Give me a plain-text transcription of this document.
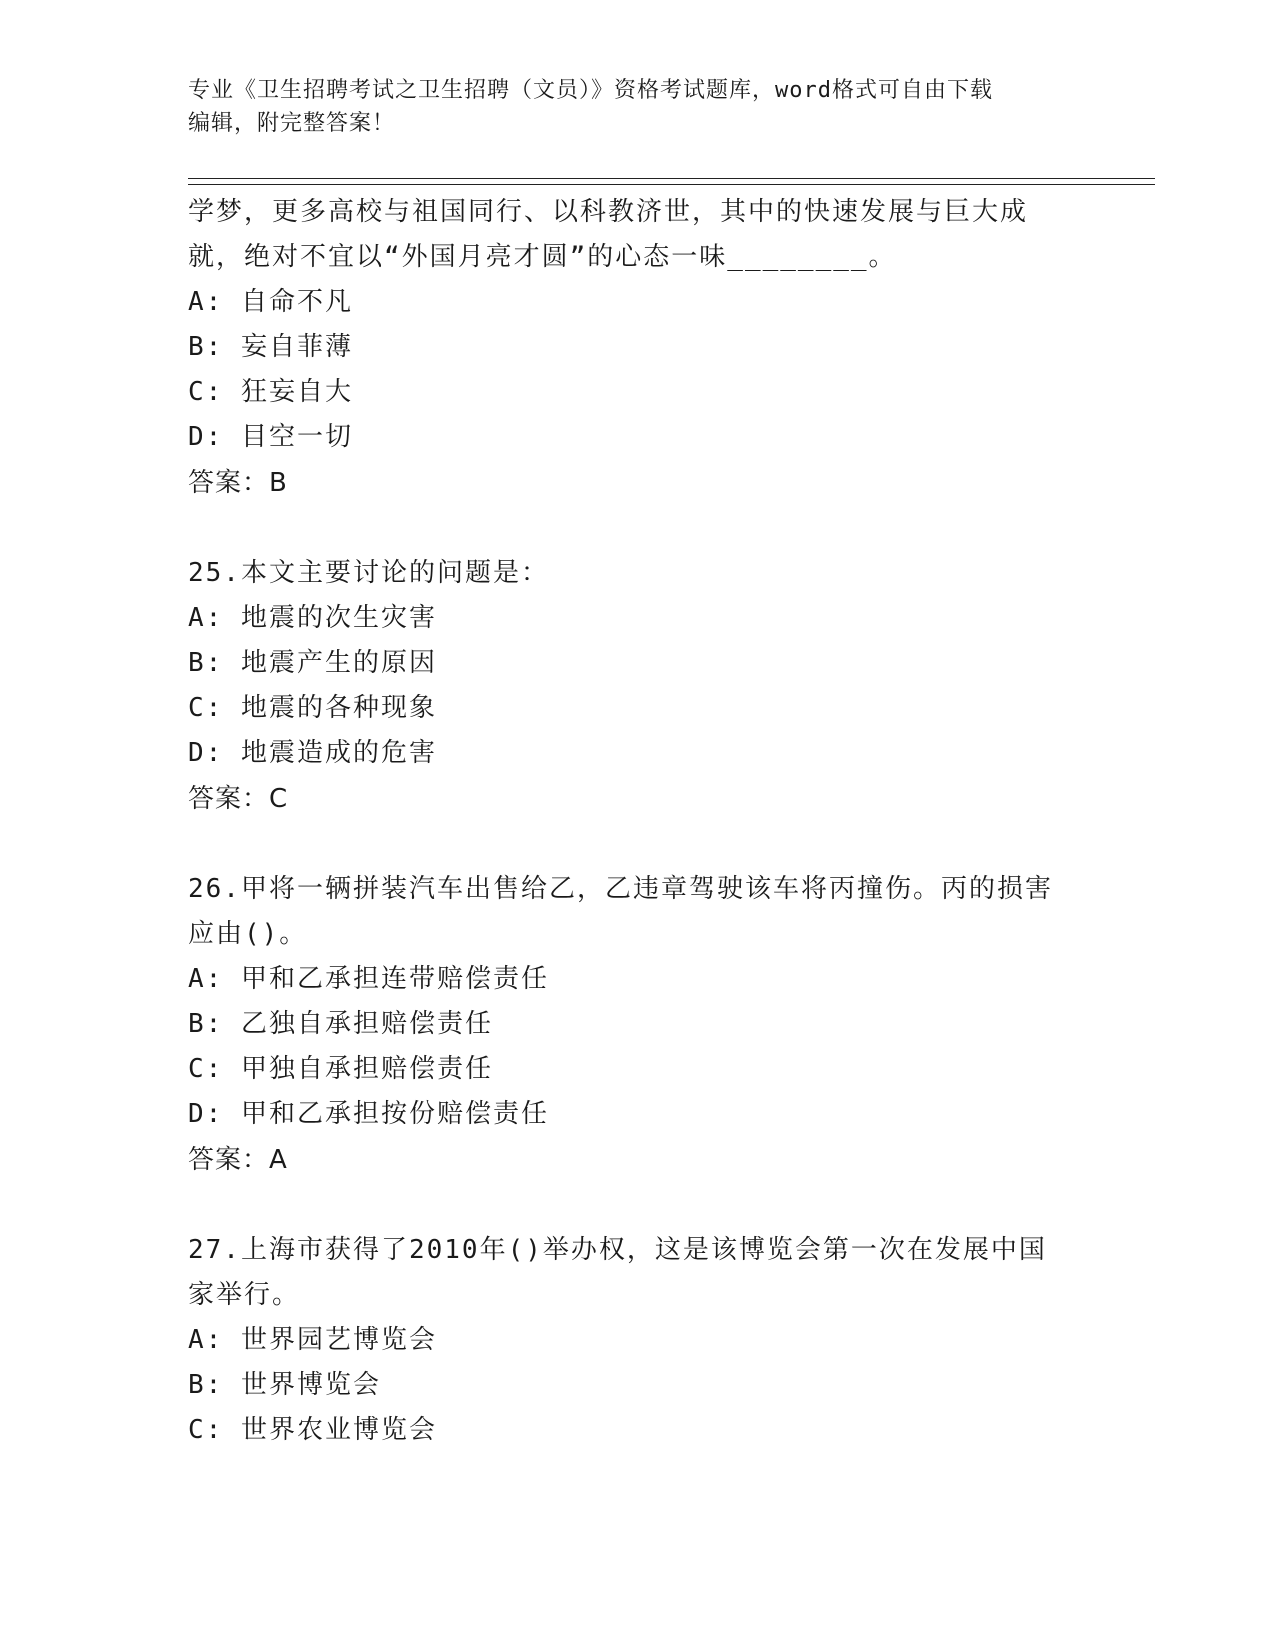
专业《卫生招聘考试之卫生招聘（文员）》资格考试题库，word格式可自由下载
编辑，附完整答案！
学梦，更多高校与祖国同行、以科教济世，其中的快速发展与巨大成
就，绝对不宜以“外国月亮才圆”的心态一味________。
A: 自命不凡
B: 妄自菲薄
C: 狂妄自大
D: 目空一切
答案：B
25.本文主要讨论的问题是：
A: 地震的次生灾害
B: 地震产生的原因
C: 地震的各种现象
D: 地震造成的危害
答案：C
26.甲将一辆拼装汽车出售给乙，乙违章驾驶该车将丙撞伤。丙的损害
应由()。
A: 甲和乙承担连带赔偿责任
B: 乙独自承担赔偿责任
C: 甲独自承担赔偿责任
D: 甲和乙承担按份赔偿责任
答案：A
27.上海市获得了2010年()举办权，这是该博览会第一次在发展中国
家举行。
A: 世界园艺博览会
B: 世界博览会
C: 世界农业博览会
